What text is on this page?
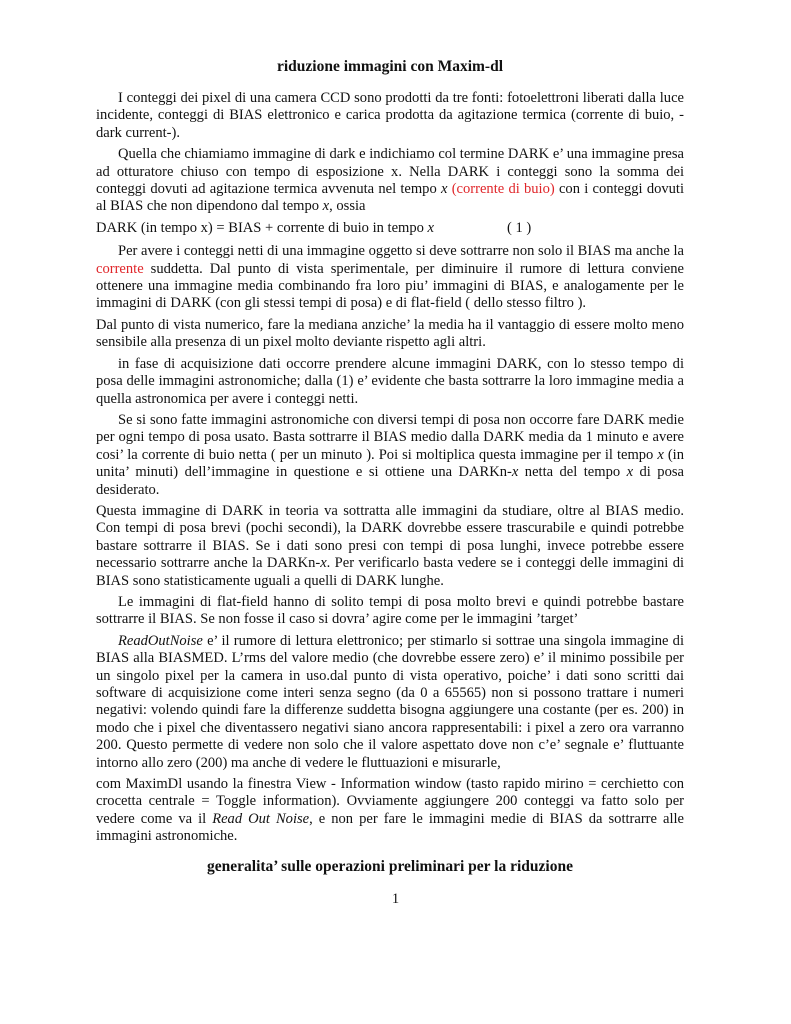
riduzione immagini con Maxim-dl

I conteggi dei pixel di una camera CCD sono prodotti da tre fonti: fotoelettroni liberati dalla luce incidente, conteggi di BIAS elettronico e carica prodotta da agitazione termica (corrente di buio, -dark current-).

Quella che chiamiamo immagine di dark e indichiamo col termine DARK e’ una immagine presa ad otturatore chiuso con tempo di esposizione x. Nella DARK i conteggi sono la somma dei conteggi dovuti ad agitazione termica avvenuta nel tempo x (corrente di buio) con i conteggi dovuti al BIAS che non dipendono dal tempo x, ossia

DARK (in tempo x) = BIAS + corrente di buio in tempo x	( 1 )

Per avere i conteggi netti di una immagine oggetto si deve sottrarre non solo il BIAS ma anche la corrente suddetta. Dal punto di vista sperimentale, per diminuire il rumore di lettura conviene ottenere una immagine media combinando fra loro piu’ immagini di BIAS, e analogamente per le immagini di DARK (con gli stessi tempi di posa) e di flat-field ( dello stesso filtro ).

Dal punto di vista numerico, fare la mediana anziche’ la media ha il vantaggio di essere molto meno sensibile alla presenza di un pixel molto deviante rispetto agli altri.

in fase di acquisizione dati occorre prendere alcune immagini DARK, con lo stesso tempo di posa delle immagini astronomiche; dalla (1) e’ evidente che basta sottrarre la loro immagine media a quella astronomica per avere i conteggi netti.

Se si sono fatte immagini astronomiche con diversi tempi di posa non occorre fare DARK medie per ogni tempo di posa usato. Basta sottrarre il BIAS medio dalla DARK media da 1 minuto e avere cosi’ la corrente di buio netta ( per un minuto ). Poi si moltiplica questa immagine per il tempo x (in unita’ minuti) dell’immagine in questione e si ottiene una DARKn-x netta del tempo x di posa desiderato.

Questa immagine di DARK in teoria va sottratta alle immagini da studiare, oltre al BIAS medio. Con tempi di posa brevi (pochi secondi), la DARK dovrebbe essere trascurabile e quindi potrebbe bastare sottrarre il BIAS. Se i dati sono presi con tempi di posa lunghi, invece potrebbe essere necessario sottrarre anche la DARKn-x. Per verificarlo basta vedere se i conteggi delle immagini di BIAS sono statisticamente uguali a quelli di DARK lunghe.

Le immagini di flat-field hanno di solito tempi di posa molto brevi e quindi potrebbe bastare sottrarre il BIAS. Se non fosse il caso si dovra’ agire come per le immagini ’target’

ReadOutNoise e’ il rumore di lettura elettronico; per stimarlo si sottrae una singola immagine di BIAS alla BIASMED. L’rms del valore medio (che dovrebbe essere zero) e’ il minimo possibile per un singolo pixel per la camera in uso.dal punto di vista operativo, poiche’ i dati sono scritti dai software di acquisizione come interi senza segno (da 0 a 65565) non si possono trattare i numeri negativi: volendo quindi fare la differenze suddetta bisogna aggiungere una costante (per es. 200) in modo che i pixel che diventassero negativi siano ancora rappresentabili: i pixel a zero ora varranno 200. Questo permette di vedere non solo che il valore aspettato dove non c’e’ segnale e’ fluttuante intorno allo zero (200) ma anche di vedere le fluttuazioni e misurarle,

com MaximDl usando la finestra View - Information window (tasto rapido mirino = cerchietto con crocetta centrale = Toggle information). Ovviamente aggiungere 200 conteggi va fatto solo per vedere come va il Read Out Noise, e non per fare le immagini medie di BIAS da sottrarre alle immagini astronomiche.

generalita’ sulle operazioni preliminari per la riduzione
1
